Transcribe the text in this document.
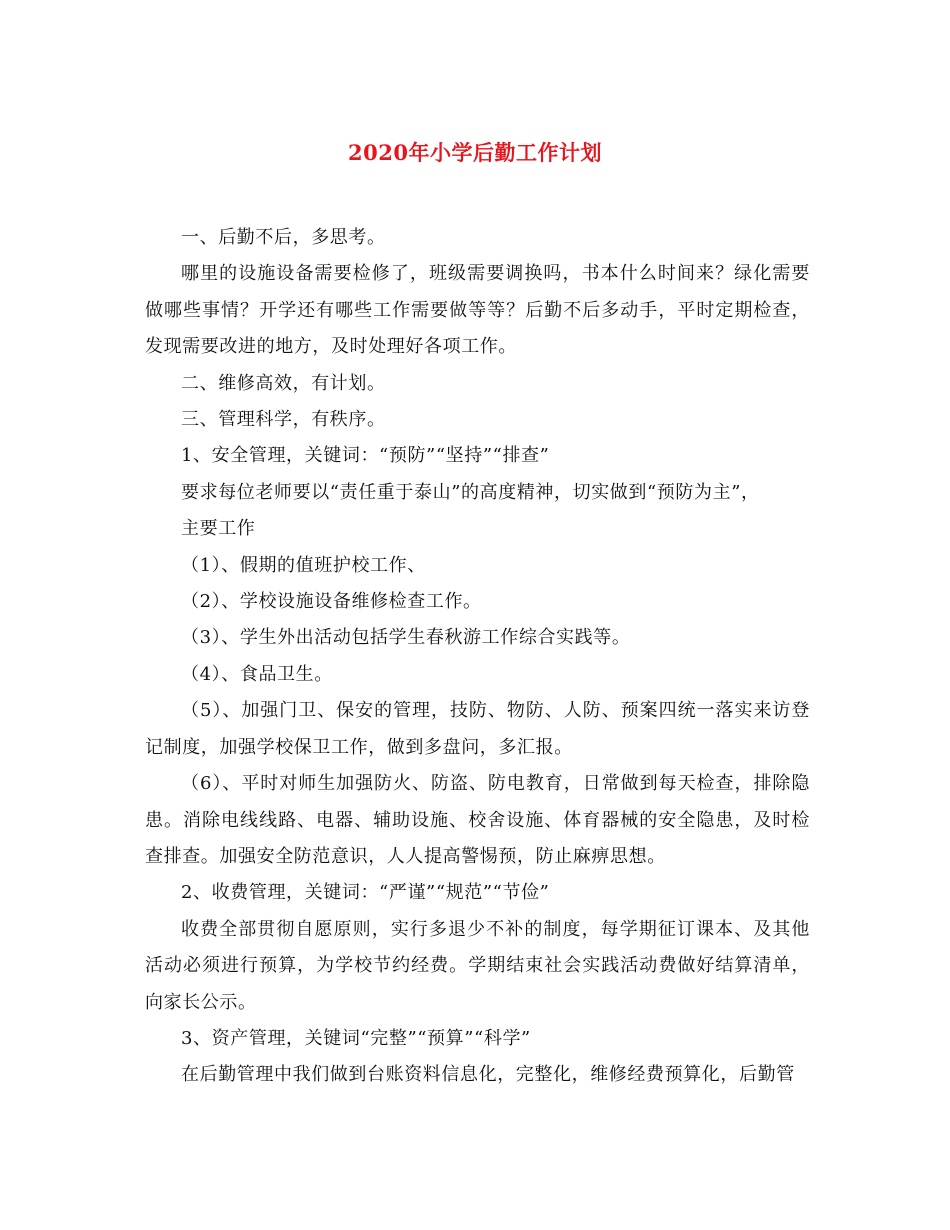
2020年小学后勤工作计划

一、后勤不后，多思考。

哪里的设施设备需要检修了，班级需要调换吗，书本什么时间来？绿化需要做哪些事情？开学还有哪些工作需要做等等？后勤不后多动手，平时定期检查，发现需要改进的地方，及时处理好各项工作。

二、维修高效，有计划。

三、管理科学，有秩序。

1、安全管理，关键词：“预防”“坚持”“排查”

要求每位老师要以“责任重于泰山”的高度精神，切实做到“预防为主”，

主要工作

（1）、假期的值班护校工作、

（2）、学校设施设备维修检查工作。

（3）、学生外出活动包括学生春秋游工作综合实践等。

（4）、食品卫生。

（5）、加强门卫、保安的管理，技防、物防、人防、预案四统一落实来访登记制度，加强学校保卫工作，做到多盘问，多汇报。

（6）、平时对师生加强防火、防盗、防电教育，日常做到每天检查，排除隐患。消除电线线路、电器、辅助设施、校舍设施、体育器械的安全隐患，及时检查排查。加强安全防范意识，人人提高警惕预，防止麻痹思想。

2、收费管理，关键词：“严谨”“规范”“节俭”

收费全部贯彻自愿原则，实行多退少不补的制度，每学期征订课本、及其他活动必须进行预算，为学校节约经费。学期结束社会实践活动费做好结算清单，向家长公示。

3、资产管理，关键词“完整”“预算”“科学”

在后勤管理中我们做到台账资料信息化，完整化，维修经费预算化，后勤管
